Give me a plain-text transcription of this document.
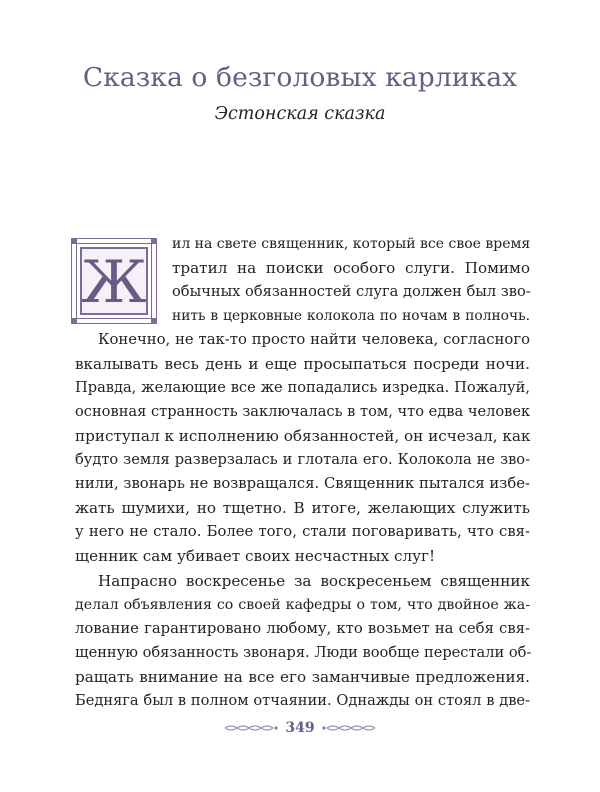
Сказка о безголовых карликах
Эстонская сказка
Ж
ил на свете священник, который все свое время
тратил на поиски особого слуги. Помимо
обычных обязанностей слуга должен был зво-
нить в церковные колокола по ночам в полночь.
Конечно, не так-то просто найти человека, согласного
вкалывать весь день и еще просыпаться посреди ночи.
Правда, желающие все же попадались изредка. Пожалуй,
основная странность заключалась в том, что едва человек
приступал к исполнению обязанностей, он исчезал, как
будто земля разверзалась и глотала его. Колокола не зво-
нили, звонарь не возвращался. Священник пытался избе-
жать шумихи, но тщетно. В итоге, желающих служить
у него не стало. Более того, стали поговаривать, что свя-
щенник сам убивает своих несчастных слуг!
Напрасно воскресенье за воскресеньем священник
делал объявления со своей кафедры о том, что двойное жа-
лование гарантировано любому, кто возьмет на себя свя-
щенную обязанность звонаря. Люди вообще перестали об-
ращать внимание на все его заманчивые предложения.
Бедняга был в полном отчаянии. Однажды он стоял в две-
349
